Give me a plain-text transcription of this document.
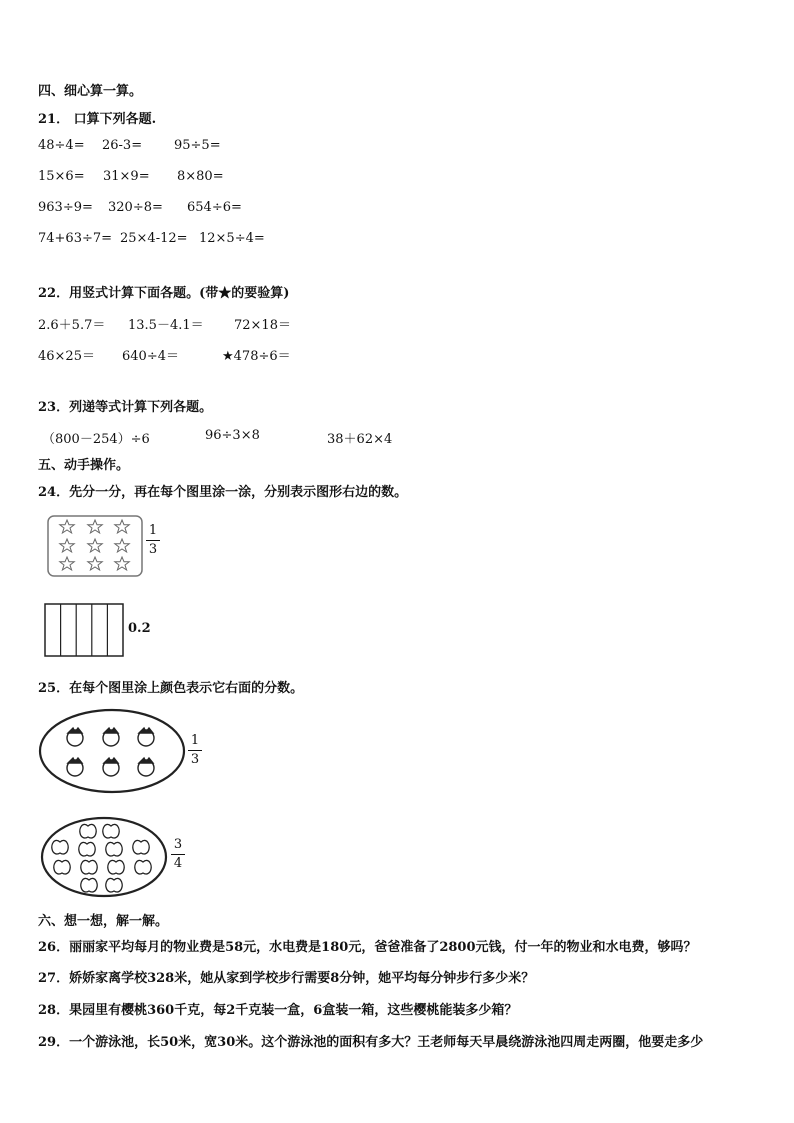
四、细心算一算。
21． 口算下列各题.
48÷4= 26-3= 95÷5=
15×6= 31×9= 8×80=
963÷9= 320÷8= 654÷6=
74+63÷7= 25×4-12= 12×5÷4=
22．用竖式计算下面各题。(带★的要验算)
2.6＋5.7＝ 13.5－4.1＝ 72×18＝
46×25＝ 640÷4＝	★478÷6＝
23．列递等式计算下列各题。
（800－254）÷6	96÷3×8	38＋62×4
五、动手操作。
24．先分一分，再在每个图里涂一涂，分别表示图形右边的数。
1
3
0.2
25．在每个图里涂上颜色表示它右面的分数。
1
3
3
4
六、想一想，解一解。
26．丽丽家平均每月的物业费是58元，水电费是180元，爸爸准备了2800元钱，付一年的物业和水电费，够吗？
27．娇娇家离学校328米，她从家到学校步行需要8分钟，她平均每分钟步行多少米？
28．果园里有樱桃360千克，每2千克装一盒，6盒装一箱，这些樱桃能装多少箱？
29．一个游泳池，长50米，宽30米。这个游泳池的面积有多大？王老师每天早晨绕游泳池四周走两圈，他要走多少
